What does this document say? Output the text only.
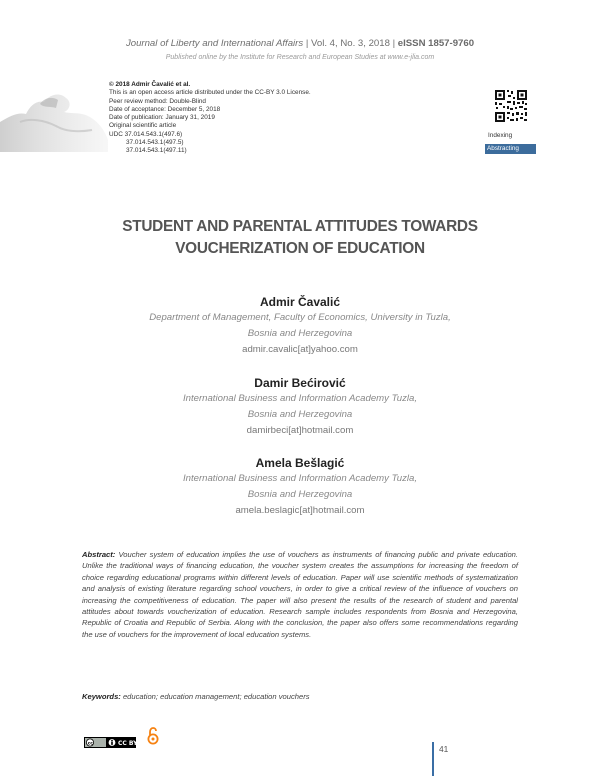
Journal of Liberty and International Affairs | Vol. 4, No. 3, 2018 | eISSN 1857-9760
Published online by the Institute for Research and European Studies at www.e-jlia.com
© 2018 Admir Čavalić et al.
This is an open access article distributed under the CC-BY 3.0 License.
Peer review method: Double-Blind
Date of acceptance: December 5, 2018
Date of publication: January 31, 2019
Original scientific article
UDC 37.014.543.1(497.6)
37.014.543.1(497.5)
37.014.543.1(497.11)
Indexing
Abstracting
STUDENT AND PARENTAL ATTITUDES TOWARDS
VOUCHERIZATION OF EDUCATION
Admir Čavalić
Department of Management, Faculty of Economics, University in Tuzla,
Bosnia and Herzegovina
admir.cavalic[at]yahoo.com
Damir Bećirović
International Business and Information Academy Tuzla,
Bosnia and Herzegovina
damirbeci[at]hotmail.com
Amela Bešlagić
International Business and Information Academy Tuzla,
Bosnia and Herzegovina
amela.beslagic[at]hotmail.com
Abstract: Voucher system of education implies the use of vouchers as instruments of financing public and private education. Unlike the traditional ways of financing education, the voucher system creates the assumptions for increasing the freedom of choice regarding educational programs within different levels of education. Paper will use scientific methods of systematization and analysis of existing literature regarding school vouchers, in order to give a critical review of the influence of vouchers on increasing the competitiveness of education. The paper will also present the results of the research of student and parental attitudes about towards voucherization of education. Research sample includes respondents from Bosnia and Herzegovina, Republic of Croatia and Republic of Serbia. Along with the conclusion, the paper also offers some recommendations regarding the use of vouchers for the improvement of local education systems.
Keywords: education; education management; education vouchers
cc	CC BY
41
